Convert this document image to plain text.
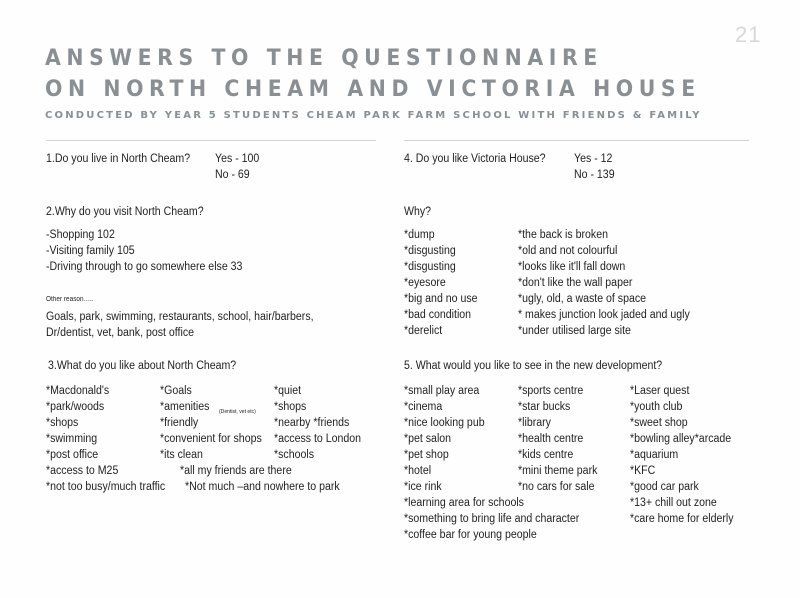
21
ANSWERS TO THE QUESTIONNAIRE
ON NORTH CHEAM AND VICTORIA HOUSE
CONDUCTED BY YEAR 5 STUDENTS CHEAM PARK FARM SCHOOL WITH FRIENDS & FAMILY
1.Do you live in North Cheam? Yes - 100
No - 69
2.Why do you visit North Cheam?
-Shopping 102
-Visiting family 105
-Driving through to go somewhere else 33
Other reason…..
Goals, park, swimming, restaurants, school, hair/barbers,
Dr/dentist, vet, bank, post office
3.What do you like about North Cheam?
*Macdonald's
*park/woods
*shops
*swimming
*post office
*Goals
*amenities (Dentist, vet etc)
*friendly
*convenient for shops
*its clean
*quiet
*shops
*nearby *friends
*access to London
*schools
*access to M25	*all my friends are there
*not too busy/much traffic *Not much –and nowhere to park
4. Do you like Victoria House? Yes - 12
No - 139
Why?
*dump
*disgusting
*disgusting
*eyesore
*big and no use
*bad condition
*derelict
*the back is broken
*old and not colourful
*looks like it'll fall down
*don't like the wall paper
*ugly, old, a waste of space
* makes junction look jaded and ugly
*under utilised large site
5. What would you like to see in the new development?
*small play area
*cinema
*nice looking pub
*pet salon
*pet shop
*hotel
*ice rink
*sports centre
*star bucks
*library
*health centre
*kids centre
*mini theme park
*no cars for sale
*Laser quest
*youth club
*sweet shop
*bowling alley*arcade
*aquarium
*KFC
*good car park
*13+ chill out zone
*care home for elderly
*learning area for schools
*something to bring life and character
*coffee bar for young people
